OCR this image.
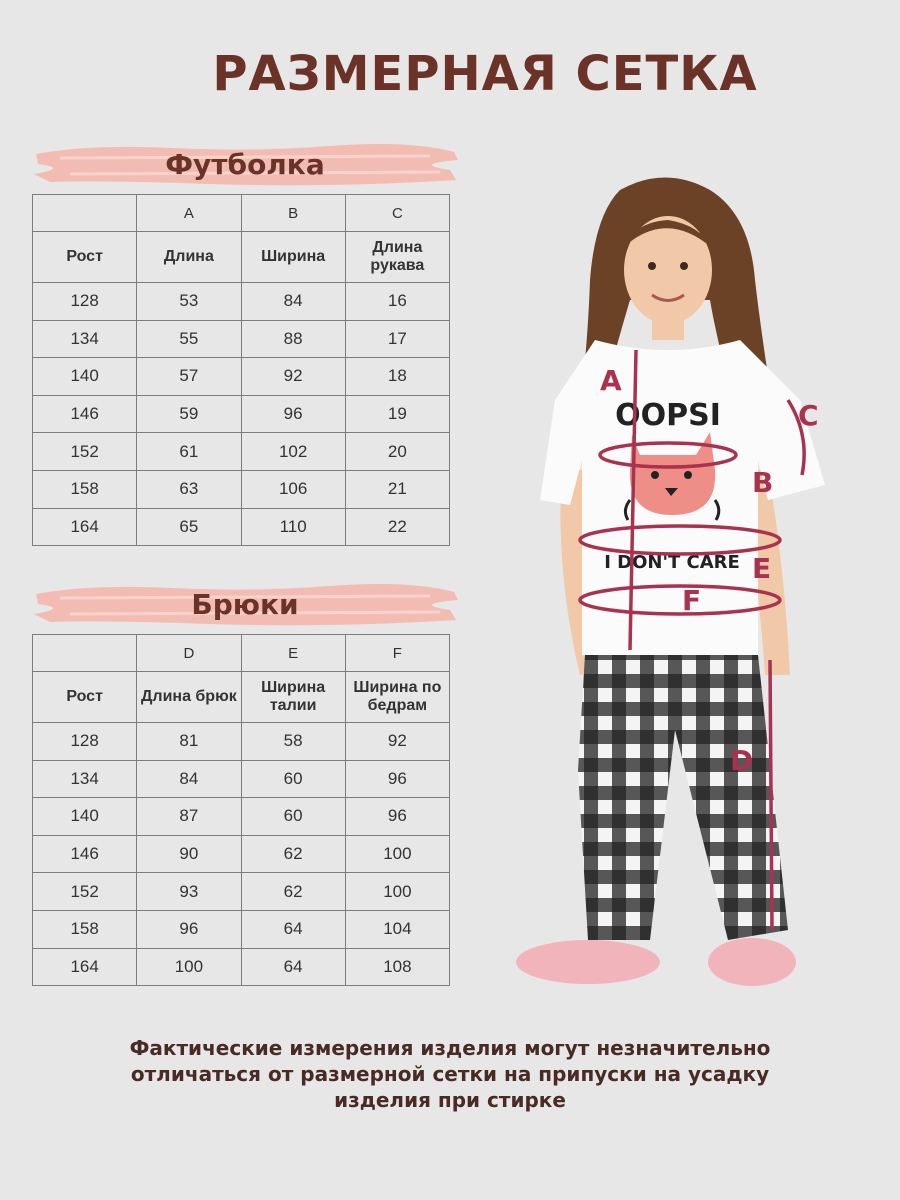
РАЗМЕРНАЯ СЕТКА
Футболка
	A	B	C
Рост	Длина	Ширина	Длина рукава
128	53	84	16
134	55	88	17
140	57	92	18
146	59	96	19
152	61	102	20
158	63	106	21
164	65	110	22
Брюки
	D	E	F
Рост	Длина брюк	Ширина талии	Ширина по бедрам
128	81	58	92
134	84	60	96
140	87	60	96
146	90	62	100
152	93	62	100
158	96	64	104
164	100	64	108
OOPSI
I DON'T CARE
A
B
C
D
E
F
Фактические измерения изделия могут незначительно отличаться от размерной сетки на припуски на усадку изделия при стирке
